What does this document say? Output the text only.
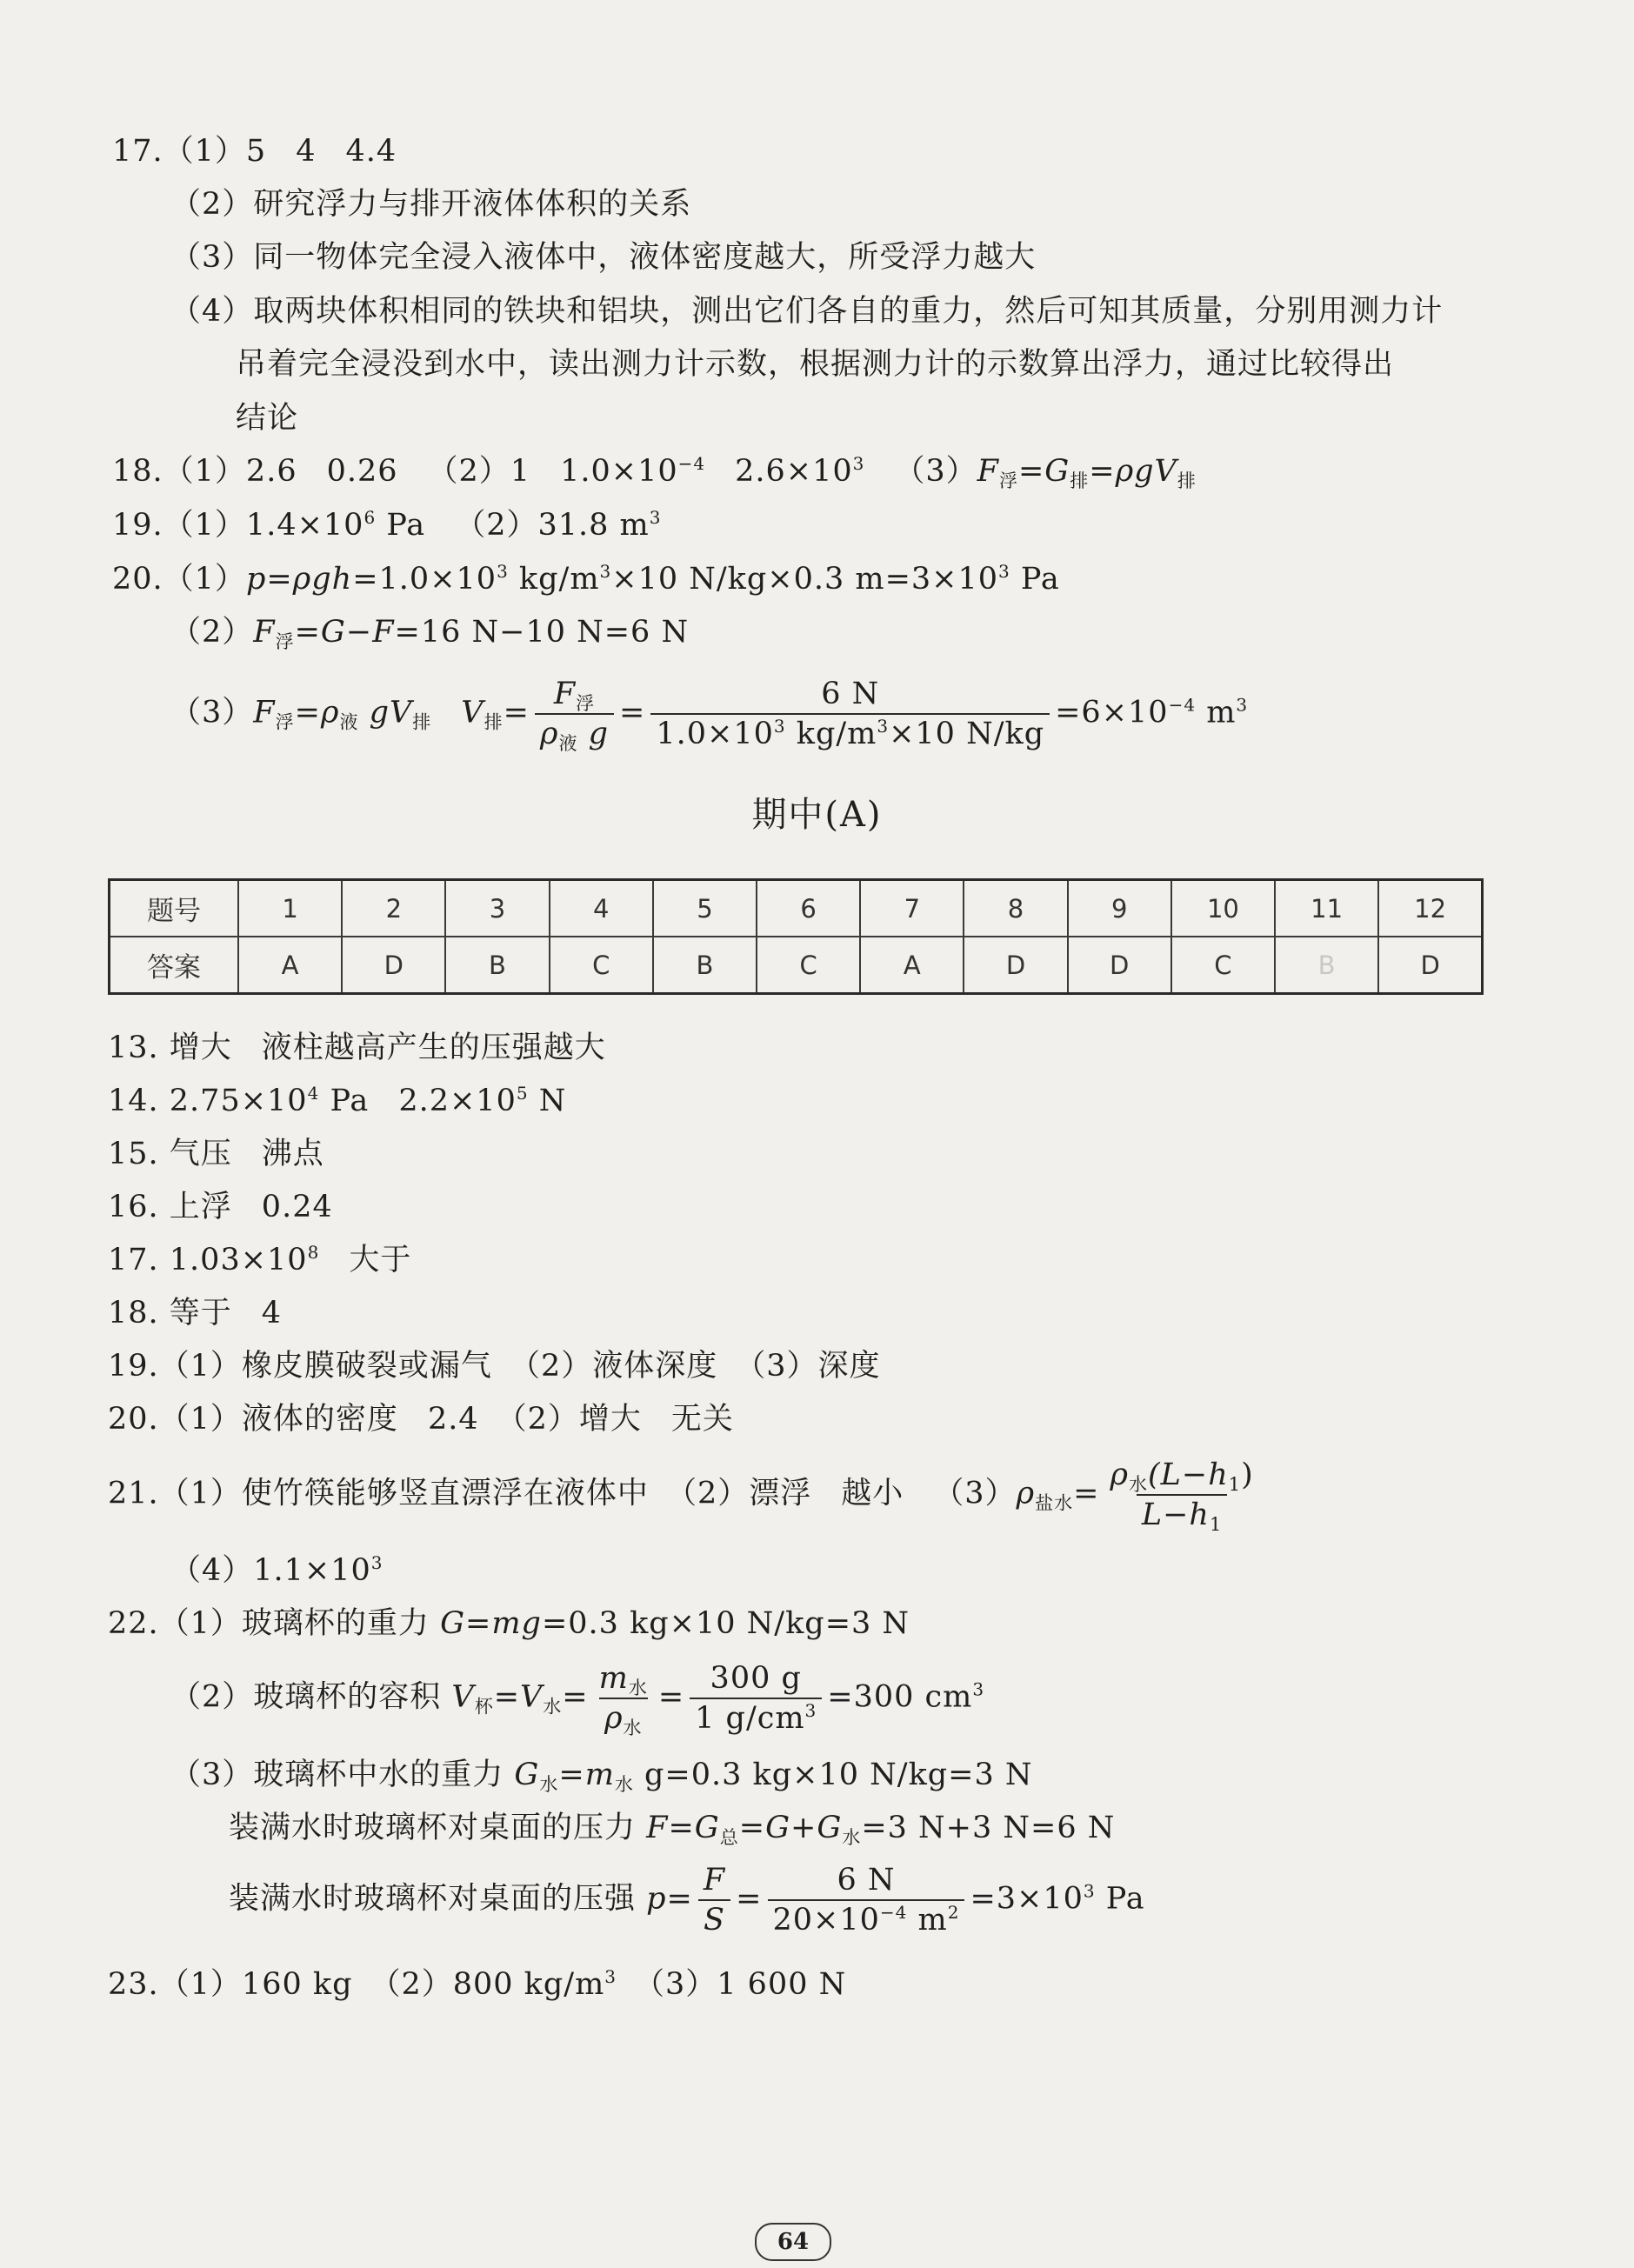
17.（1）5 4 4.4
（2）研究浮力与排开液体体积的关系
（3）同一物体完全浸入液体中，液体密度越大，所受浮力越大
（4）取两块体积相同的铁块和铝块，测出它们各自的重力，然后可知其质量，分别用测力计
吊着完全浸没到水中，读出测力计示数，根据测力计的示数算出浮力，通过比较得出
结论
18.（1）2.6 0.26 （2）1 $1.0\times 10^{-4}$ $2.6\times 10^3$ $(3)F_浮=G_排=\rho gV_排$
$19.(1)1.4\times 10^6$ Pa （2）31.8 $m^3$
$20.(1)p=\rho gh=1.0\times 10^3$ $kg/m^3\times 10$ N/kg×0.3 $m=3\times 10^3$ Pa
$(2)F_浮=G-F=16$ N−10 N=6 N
$(3)F_浮=\rho_液$ $gV_排$ $V_排= \frac{F_浮}{\rho_液 g} = \frac{6 N}{1.0\times 10^3 kg/m^3\times 10 N/kg} =6\times 10^{-4}$ $m^3$
期中(A)
题号	1	2	3	4	5	6	7	8	9	10	11	12
答案	A	D	B	C	B	C	A	D	D	C	B	D
13. 增大 液柱越高产生的压强越大
14. $2.75\times 10^4$ Pa $2.2\times 10^5$ N
15. 气压 沸点
16. 上浮 0.24
17. $1.03\times 10^8$ 大于
18. 等于 4
19.（1）橡皮膜破裂或漏气 （2）液体深度 （3）深度
20.（1）液体的密度 2.4 （2）增大 无关
21.（1）使竹筷能够竖直漂浮在液体中 （2）漂浮 越小 $(3)\rho_{盐水}= \frac{\rho_水(L-h_1)}{L-h_1}$
$(4)1.1\times 10^3$
22.（1）玻璃杯的重力 G=mg=0.3 kg×10 N/kg=3 N
（2）玻璃杯的容积 $V_杯=V_水= \frac{m_水}{\rho_水} = \frac{300 g}{1 g/cm^3} =300$ $cm^3$
（3）玻璃杯中水的重力 $G_水=m_水$ g=0.3 kg×10 N/kg=3 N
装满水时玻璃杯对桌面的压力 $F=G_总=G+G_水=3$ N+3 N=6 N
装满水时玻璃杯对桌面的压强 $p= \frac{F}{S} = \frac{6 N}{20\times 10^{-4} m^2} =3\times 10^3$ Pa
23.（1）160 kg （2）800 $kg/m^3$ （3）1 600 N
64
